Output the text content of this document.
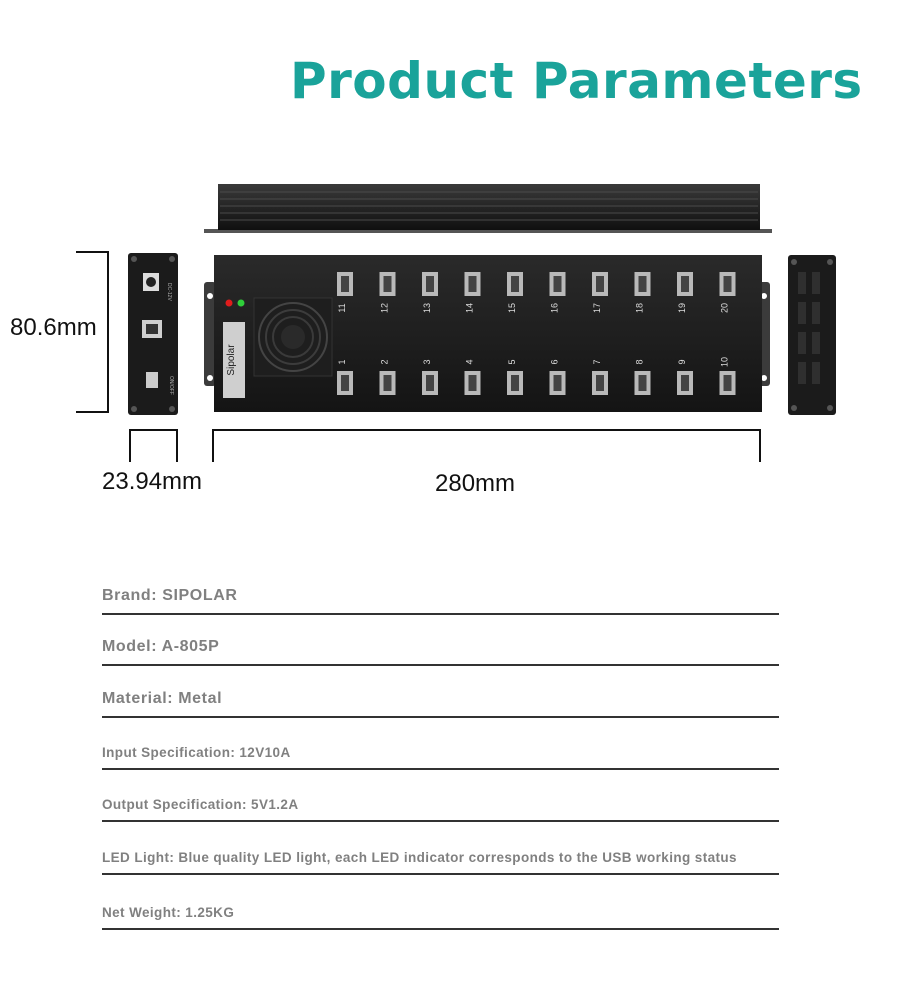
Product Parameters
Sipolar
11	12	13	14	15	16	17	18	19	20
1	2	3	4	5	6	7	8	9	10
DC-12V
ON/OFF
80.6mm
23.94mm	280mm
Brand: SIPOLAR
Model: A-805P
Material: Metal
Input Specification: 12V10A
Output Specification: 5V1.2A
LED Light: Blue quality LED light, each LED indicator corresponds to the USB working status
Net Weight: 1.25KG
